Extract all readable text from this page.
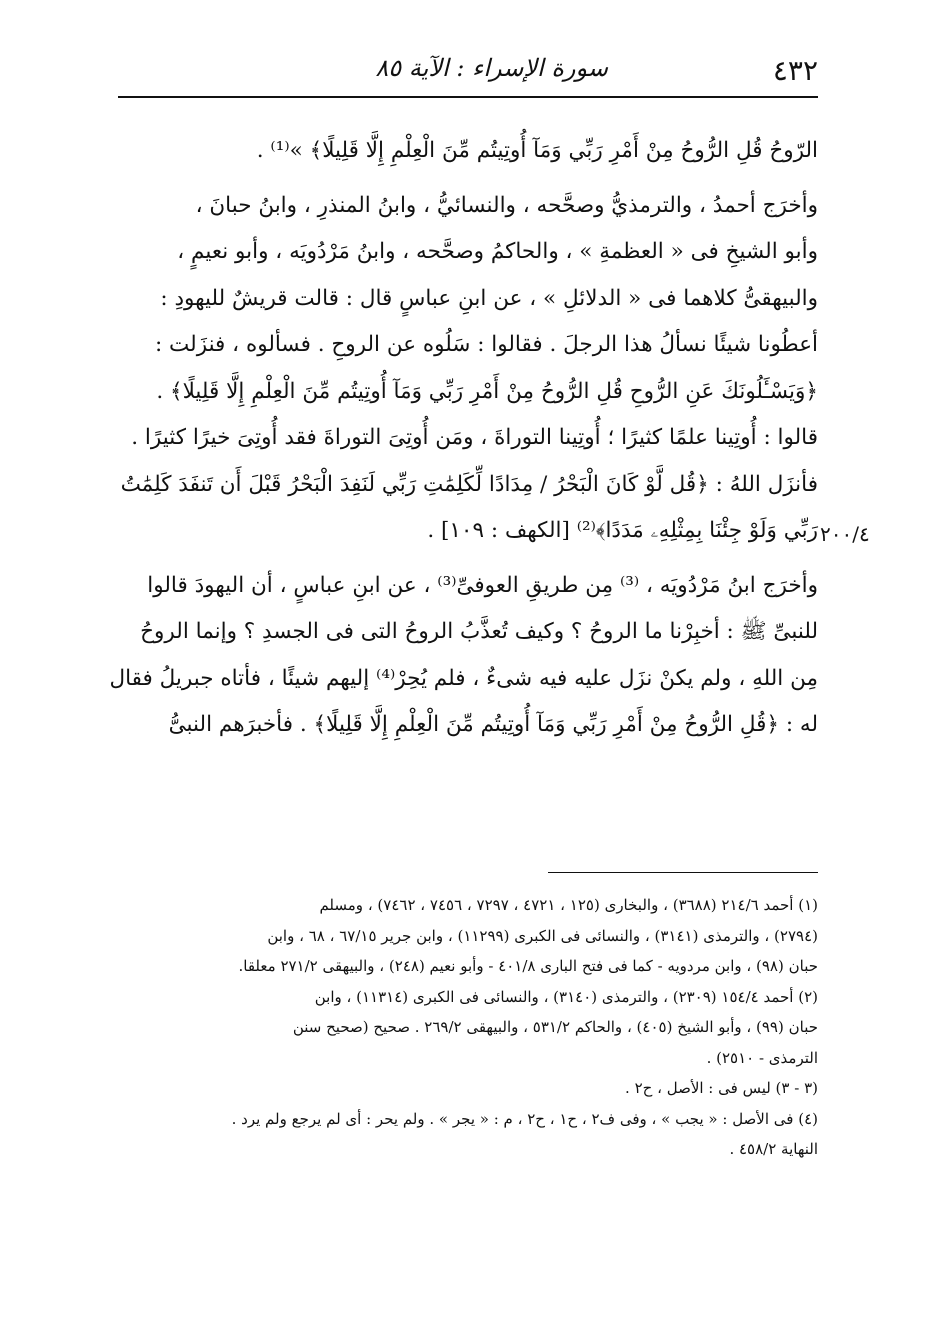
٤٣٢
سورة الإسراء : الآية ٨٥
٢٠٠/٤

الرّوحُ قُلِ الرُّوحُ مِنْ أَمْرِ رَبِّي وَمَآ أُوتِيتُم مِّنَ الْعِلْمِ إِلَّا قَلِيلًا﴾ »⁽¹⁾ .

وأخرَج أحمدُ ، والترمذيُّ وصحَّحه ، والنسائيُّ ، وابنُ المنذرِ ، وابنُ حبانَ ،

وأبو الشيخِ فى « العظمةِ » ، والحاكمُ وصحَّحه ، وابنُ مَرْدُويَه ، وأبو نعيمٍ ،

والبيهقىُّ كلاهما فى « الدلائلِ » ، عن ابنِ عباسٍ قال : قالت قريشٌ لليهودِ :

أعطُونا شيئًا نسألُ هذا الرجلَ . فقالوا : سَلُوه عن الروحِ . فسألوه ، فنزَلت :

﴿وَيَسْـَٔلُونَكَ عَنِ الرُّوحِ قُلِ الرُّوحُ مِنْ أَمْرِ رَبِّي وَمَآ أُوتِيتُم مِّنَ الْعِلْمِ إِلَّا قَلِيلًا﴾ .

قالوا : أُوتِينا علمًا كثيرًا ؛ أُوتِينا التوراةَ ، ومَن أُوتِىَ التوراةَ فقد أُوتِىَ خيرًا كثيرًا .

فأنزَل اللهُ : ﴿قُل لَّوْ كَانَ الْبَحْرُ / مِدَادًا لِّكَلِمَٰتِ رَبِّي لَنَفِدَ الْبَحْرُ قَبْلَ أَن تَنفَدَ كَلِمَٰتُ

رَبِّي وَلَوْ جِئْنَا بِمِثْلِهِۦ مَدَدًا﴾⁽²⁾ [الكهف : ١٠٩] .

وأخرَج ابنُ مَرْدُويَه ، ⁽³⁾ مِن طريقِ العوفىِّ⁽³⁾ ، عن ابنِ عباسٍ ، أن اليهودَ قالوا

للنبىِّ ﷺ : أخبِرْنا ما الروحُ ؟ وكيف تُعذَّبُ الروحُ التى فى الجسدِ ؟ وإنما الروحُ

مِن اللهِ ، ولم يكنْ نزَل عليه فيه شىءٌ ، فلم يُحِرْ⁽⁴⁾ إليهم شيئًا ، فأتاه جبريلُ فقال

له : ﴿قُلِ الرُّوحُ مِنْ أَمْرِ رَبِّي وَمَآ أُوتِيتُم مِّنَ الْعِلْمِ إِلَّا قَلِيلًا﴾ . فأخبرَهم النبىُّ

(١) أحمد ٢١٤/٦ (٣٦٨٨) ، والبخارى (١٢٥ ، ٤٧٢١ ، ٧٢٩٧ ، ٧٤٥٦ ، ٧٤٦٢) ، ومسلم

(٢٧٩٤) ، والترمذى (٣١٤١) ، والنسائى فى الكبرى (١١٢٩٩) ، وابن جرير ٦٧/١٥ ، ٦٨ ، وابن

حبان (٩٨) ، وابن مردويه - كما فى فتح البارى ٤٠١/٨ - وأبو نعيم (٢٤٨) ، والبيهقى ٢٧١/٢ معلقا.

(٢) أحمد ١٥٤/٤ (٢٣٠٩) ، والترمذى (٣١٤٠) ، والنسائى فى الكبرى (١١٣١٤) ، وابن

حبان (٩٩) ، وأبو الشيخ (٤٠٥) ، والحاكم ٥٣١/٢ ، والبيهقى ٢٦٩/٢ . صحيح (صحيح سنن

الترمذى - ٢٥١٠) .

(٣ - ٣) ليس فى : الأصل ، ح٢ .

(٤) فى الأصل : « يجب » ، وفى ف٢ ، ح١ ، ح٢ ، م : « يجر » . ولم يحر : أى لم يرجع ولم يرد .

النهاية ٤٥٨/٢ .
